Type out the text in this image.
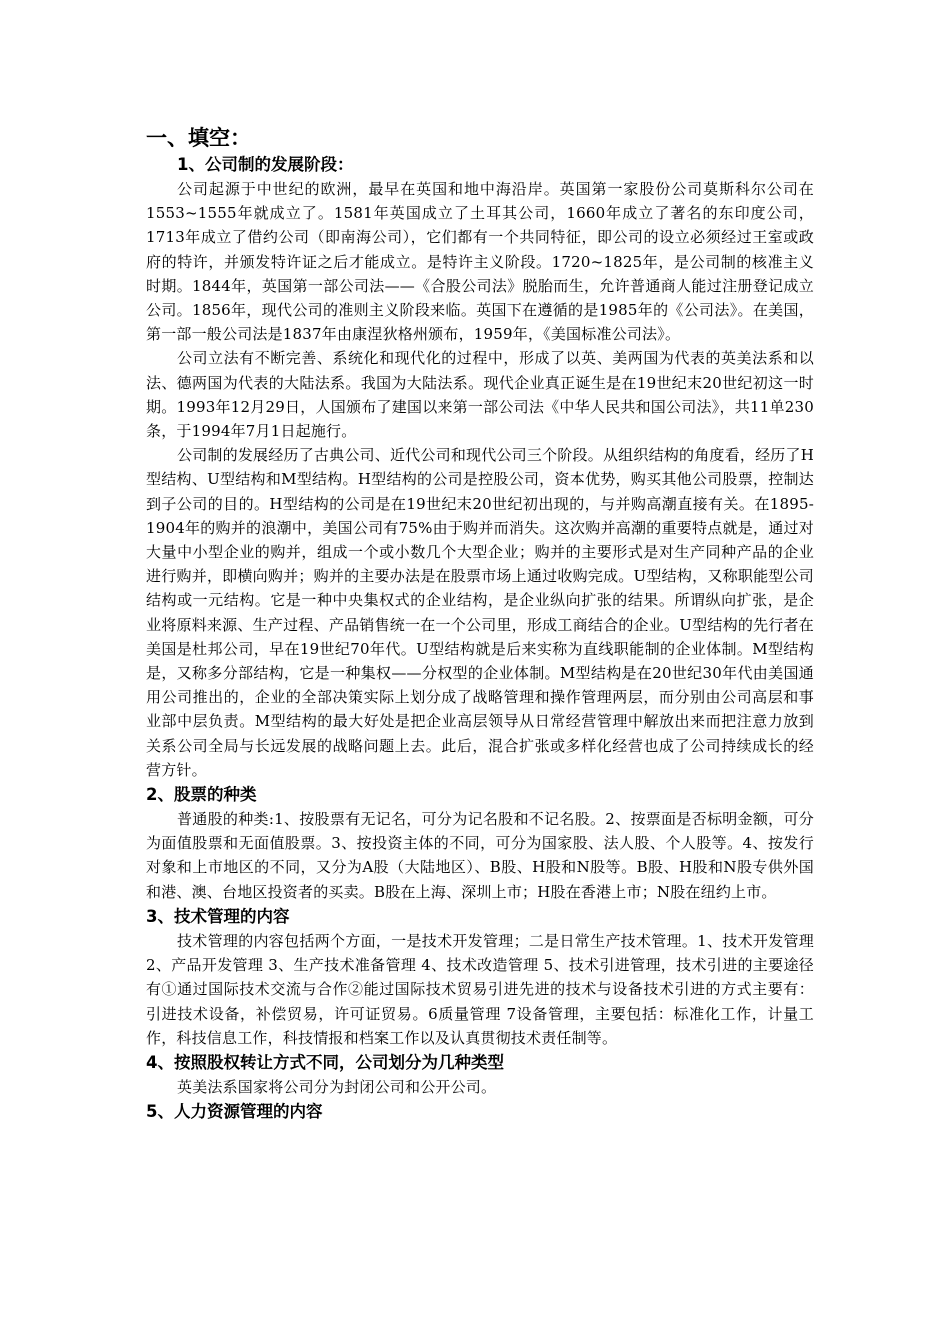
一、填空：
1、公司制的发展阶段：

公司起源于中世纪的欧洲，最早在英国和地中海沿岸。英国第一家股份公司莫斯科尔公司在1553~1555年就成立了。1581年英国成立了土耳其公司，1660年成立了著名的东印度公司，1713年成立了借约公司（即南海公司），它们都有一个共同特征，即公司的设立必须经过王室或政府的特许，并颁发特许证之后才能成立。是特许主义阶段。1720~1825年，是公司制的核准主义时期。1844年，英国第一部公司法——《合股公司法》脱胎而生，允许普通商人能过注册登记成立公司。1856年，现代公司的准则主义阶段来临。英国下在遵循的是1985年的《公司法》。在美国，第一部一般公司法是1837年由康涅狄格州颁布，1959年，《美国标准公司法》。

公司立法有不断完善、系统化和现代化的过程中，形成了以英、美两国为代表的英美法系和以法、德两国为代表的大陆法系。我国为大陆法系。现代企业真正诞生是在19世纪末20世纪初这一时期。1993年12月29日，人国颁布了建国以来第一部公司法《中华人民共和国公司法》，共11单230条，于1994年7月1日起施行。

公司制的发展经历了古典公司、近代公司和现代公司三个阶段。从组织结构的角度看，经历了H型结构、U型结构和M型结构。H型结构的公司是控股公司，资本优势，购买其他公司股票，控制达到子公司的目的。H型结构的公司是在19世纪末20世纪初出现的，与并购高潮直接有关。在1895-1904年的购并的浪潮中，美国公司有75%由于购并而消失。这次购并高潮的重要特点就是，通过对大量中小型企业的购并，组成一个或小数几个大型企业；购并的主要形式是对生产同种产品的企业进行购并，即横向购并；购并的主要办法是在股票市场上通过收购完成。U型结构，又称职能型公司结构或一元结构。它是一种中央集权式的企业结构，是企业纵向扩张的结果。所谓纵向扩张，是企业将原料来源、生产过程、产品销售统一在一个公司里，形成工商结合的企业。U型结构的先行者在美国是杜邦公司，早在19世纪70年代。U型结构就是后来实称为直线职能制的企业体制。M型结构是，又称多分部结构，它是一种集权——分权型的企业体制。M型结构是在20世纪30年代由美国通用公司推出的，企业的全部决策实际上划分成了战略管理和操作管理两层，而分别由公司高层和事业部中层负责。M型结构的最大好处是把企业高层领导从日常经营管理中解放出来而把注意力放到关系公司全局与长远发展的战略问题上去。此后，混合扩张或多样化经营也成了公司持续成长的经营方针。

2、股票的种类

普通股的种类:1、按股票有无记名，可分为记名股和不记名股。2、按票面是否标明金额，可分为面值股票和无面值股票。3、按投资主体的不同，可分为国家股、法人股、个人股等。4、按发行对象和上市地区的不同，又分为A股（大陆地区）、B股、H股和N股等。B股、H股和N股专供外国和港、澳、台地区投资者的买卖。B股在上海、深圳上市；H股在香港上市；N股在纽约上市。

3、技术管理的内容

技术管理的内容包括两个方面，一是技术开发管理；二是日常生产技术管理。1、技术开发管理 2、产品开发管理 3、生产技术准备管理 4、技术改造管理 5、技术引进管理，技术引进的主要途径有①通过国际技术交流与合作②能过国际技术贸易引进先进的技术与设备技术引进的方式主要有：引进技术设备，补偿贸易，许可证贸易。6质量管理 7设备管理，主要包括：标准化工作，计量工作，科技信息工作，科技情报和档案工作以及认真贯彻技术责任制等。

4、按照股权转让方式不同，公司划分为几种类型

英美法系国家将公司分为封闭公司和公开公司。

5、人力资源管理的内容
